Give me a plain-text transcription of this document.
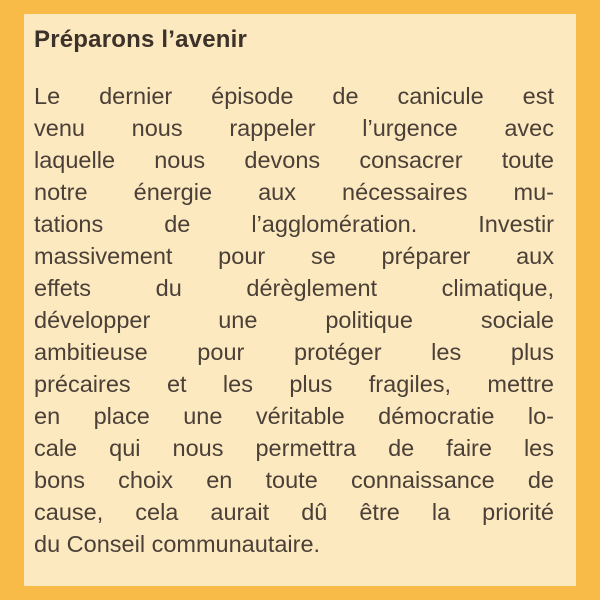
Préparons l’avenir
Le dernier épisode de canicule est
venu nous rappeler l’urgence avec
laquelle nous devons consacrer toute
notre énergie aux nécessaires mu-
tations de l’agglomération. Investir
massivement pour se préparer aux
effets du dérèglement climatique,
développer une politique sociale
ambitieuse pour protéger les plus
précaires et les plus fragiles, mettre
en place une véritable démocratie lo-
cale qui nous permettra de faire les
bons choix en toute connaissance de
cause, cela aurait dû être la priorité
du Conseil communautaire.
